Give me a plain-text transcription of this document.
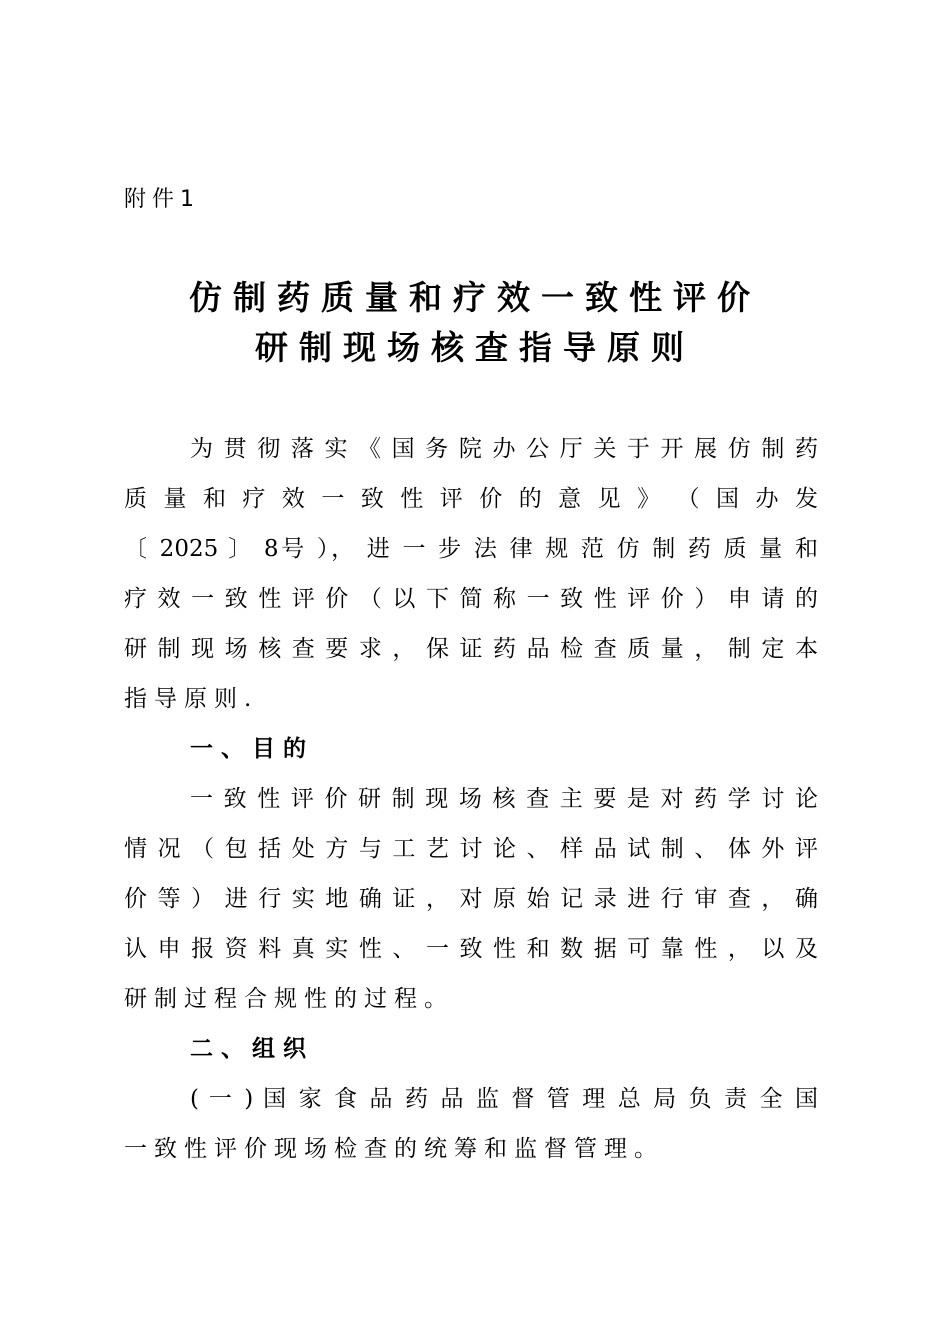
附件1
仿制药质量和疗效一致性评价
研制现场核查指导原则
为 贯 彻 落 实 《 国 务 院 办 公 厅 关 于 开 展 仿 制 药
质 量 和 疗 效 一 致 性 评 价 的 意 见 》 （ 国 办 发
〔 2025 〕 8号 ）， 进 一 步 法 律 规 范 仿 制 药 质 量 和
疗 效 一 致 性 评 价 （ 以 下 简 称 一 致 性 评 价 ） 申 请 的
研 制 现 场 核 查 要 求 ， 保 证 药 品 检 查 质 量 ， 制 定 本
指导原则.
一、目的
一 致 性 评 价 研 制 现 场 核 查 主 要 是 对 药 学 讨 论
情 况 （ 包 括 处 方 与 工 艺 讨 论 、 样 品 试 制 、 体 外 评
价 等 ） 进 行 实 地 确 证 ， 对 原 始 记 录 进 行 审 查 ， 确
认 申 报 资 料 真 实 性 、 一 致 性 和 数 据 可 靠 性 ， 以 及
研制过程合规性的过程。
二、组织
( 一 ) 国 家 食 品 药 品 监 督 管 理 总 局 负 责 全 国
一致性评价现场检查的统筹和监督管理。
